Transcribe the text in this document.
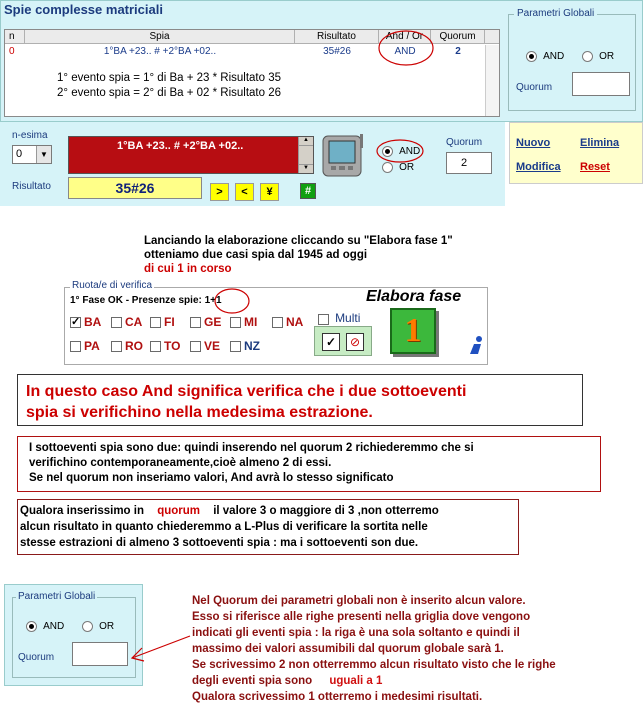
Spie complesse matriciali
n	Spia	Risultato	And / Or	Quorum
0	1°BA +23.. # +2°BA +02..	35#26	AND	2
1° evento spia = 1° di Ba + 23 * Risultato 35
2° evento spia = 2° di Ba + 02 * Risultato 26
Parametri Globali
AND	OR
Quorum
n-esima
0	▼
Risultato
1°BA +23.. # +2°BA +02..	▲
▼
35#26	>	<	¥	#
AND
OR
Quorum
2
Nuovo	Elimina
Modifica Reset
Lanciando la elaborazione cliccando su "Elabora fase 1"
otteniamo due casi spia dal 1945 ad oggi
di cui 1 in corso
Ruota/e di verifica
1° Fase OK - Presenze spie: 1+1
✓BA	CA	FI	GE	MI	NA
PA	RO	TO	VE	NZ
Multi
✓	⊘
Elabora fase
1
In questo caso And significa verifica che i due sottoeventi
spia si verifichino nella medesima estrazione.
I sottoeventi spia sono due: quindi inserendo nel quorum 2 richiederemmo che si
verifichino contemporaneamente,cioè almeno 2 di essi.
Se nel quorum non inseriamo valori, And avrà lo stesso significato
Qualora inserissimo in quorum il valore 3 o maggiore di 3 ,non otterremo
alcun risultato in quanto chiederemmo a L-Plus di verificare la sortita nelle
stesse estrazioni di almeno 3 sottoeventi spia : ma i sottoeventi son due.
Parametri Globali
AND	OR
Quorum
Nel Quorum dei parametri globali non è inserito alcun valore.
Esso si riferisce alle righe presenti nella griglia dove vengono
indicati gli eventi spia : la riga è una sola soltanto e quindi il
massimo dei valori assumibili dal quorum globale sarà 1.
Se scrivessimo 2 non otterremmo alcun risultato visto che le righe
degli eventi spia sono uguali a 1
Qualora scrivessimo 1 otterremo i medesimi risultati.
